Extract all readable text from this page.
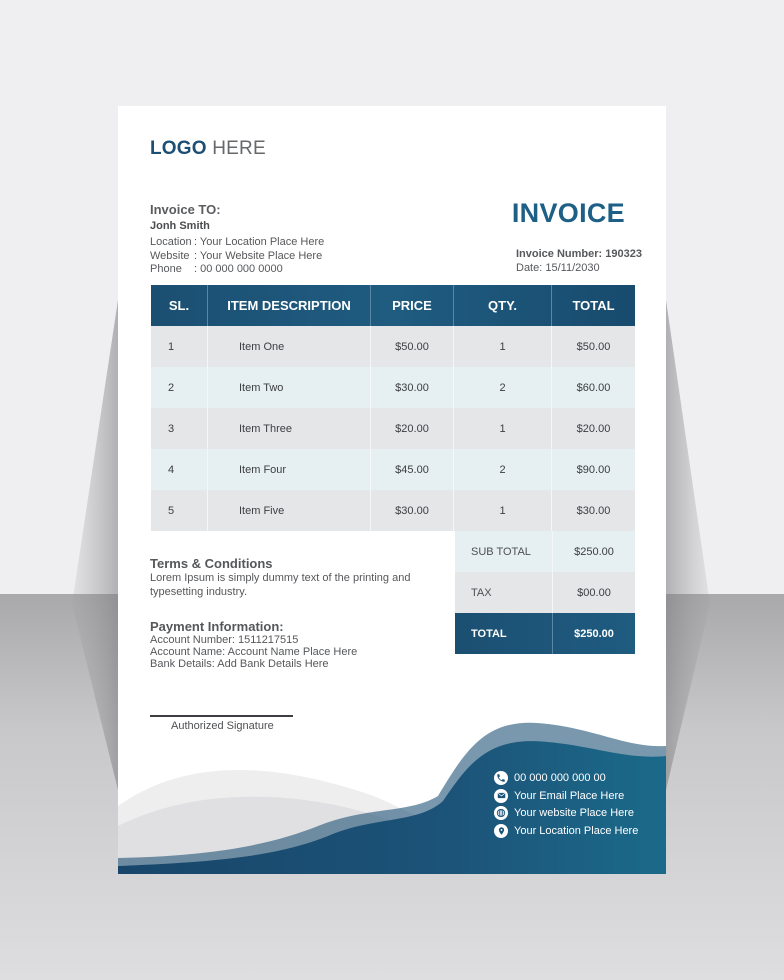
LOGO HERE
Invoice TO:
Jonh Smith
Location : Your Location Place Here
Website : Your Website Place Here
Phone : 00 000 000 0000
INVOICE
Invoice Number: 190323
Date: 15/11/2030
SL.	ITEM DESCRIPTION	PRICE	QTY.	TOTAL
1	Item One	$50.00	1	$50.00
2	Item Two	$30.00	2	$60.00
3	Item Three	$20.00	1	$20.00
4	Item Four	$45.00	2	$90.00
5	Item Five	$30.00	1	$30.00
SUB TOTAL	$250.00
TAX	$00.00
TOTAL	$250.00
Terms & Conditions
Lorem Ipsum is simply dummy text of the printing and typesetting industry.
Payment Information:
Account Number: 1511217515
Account Name: Account Name Place Here
Bank Details: Add Bank Details Here
Authorized Signature
00 000 000 000 00
Your Email Place Here
Your website Place Here
Your Location Place Here
